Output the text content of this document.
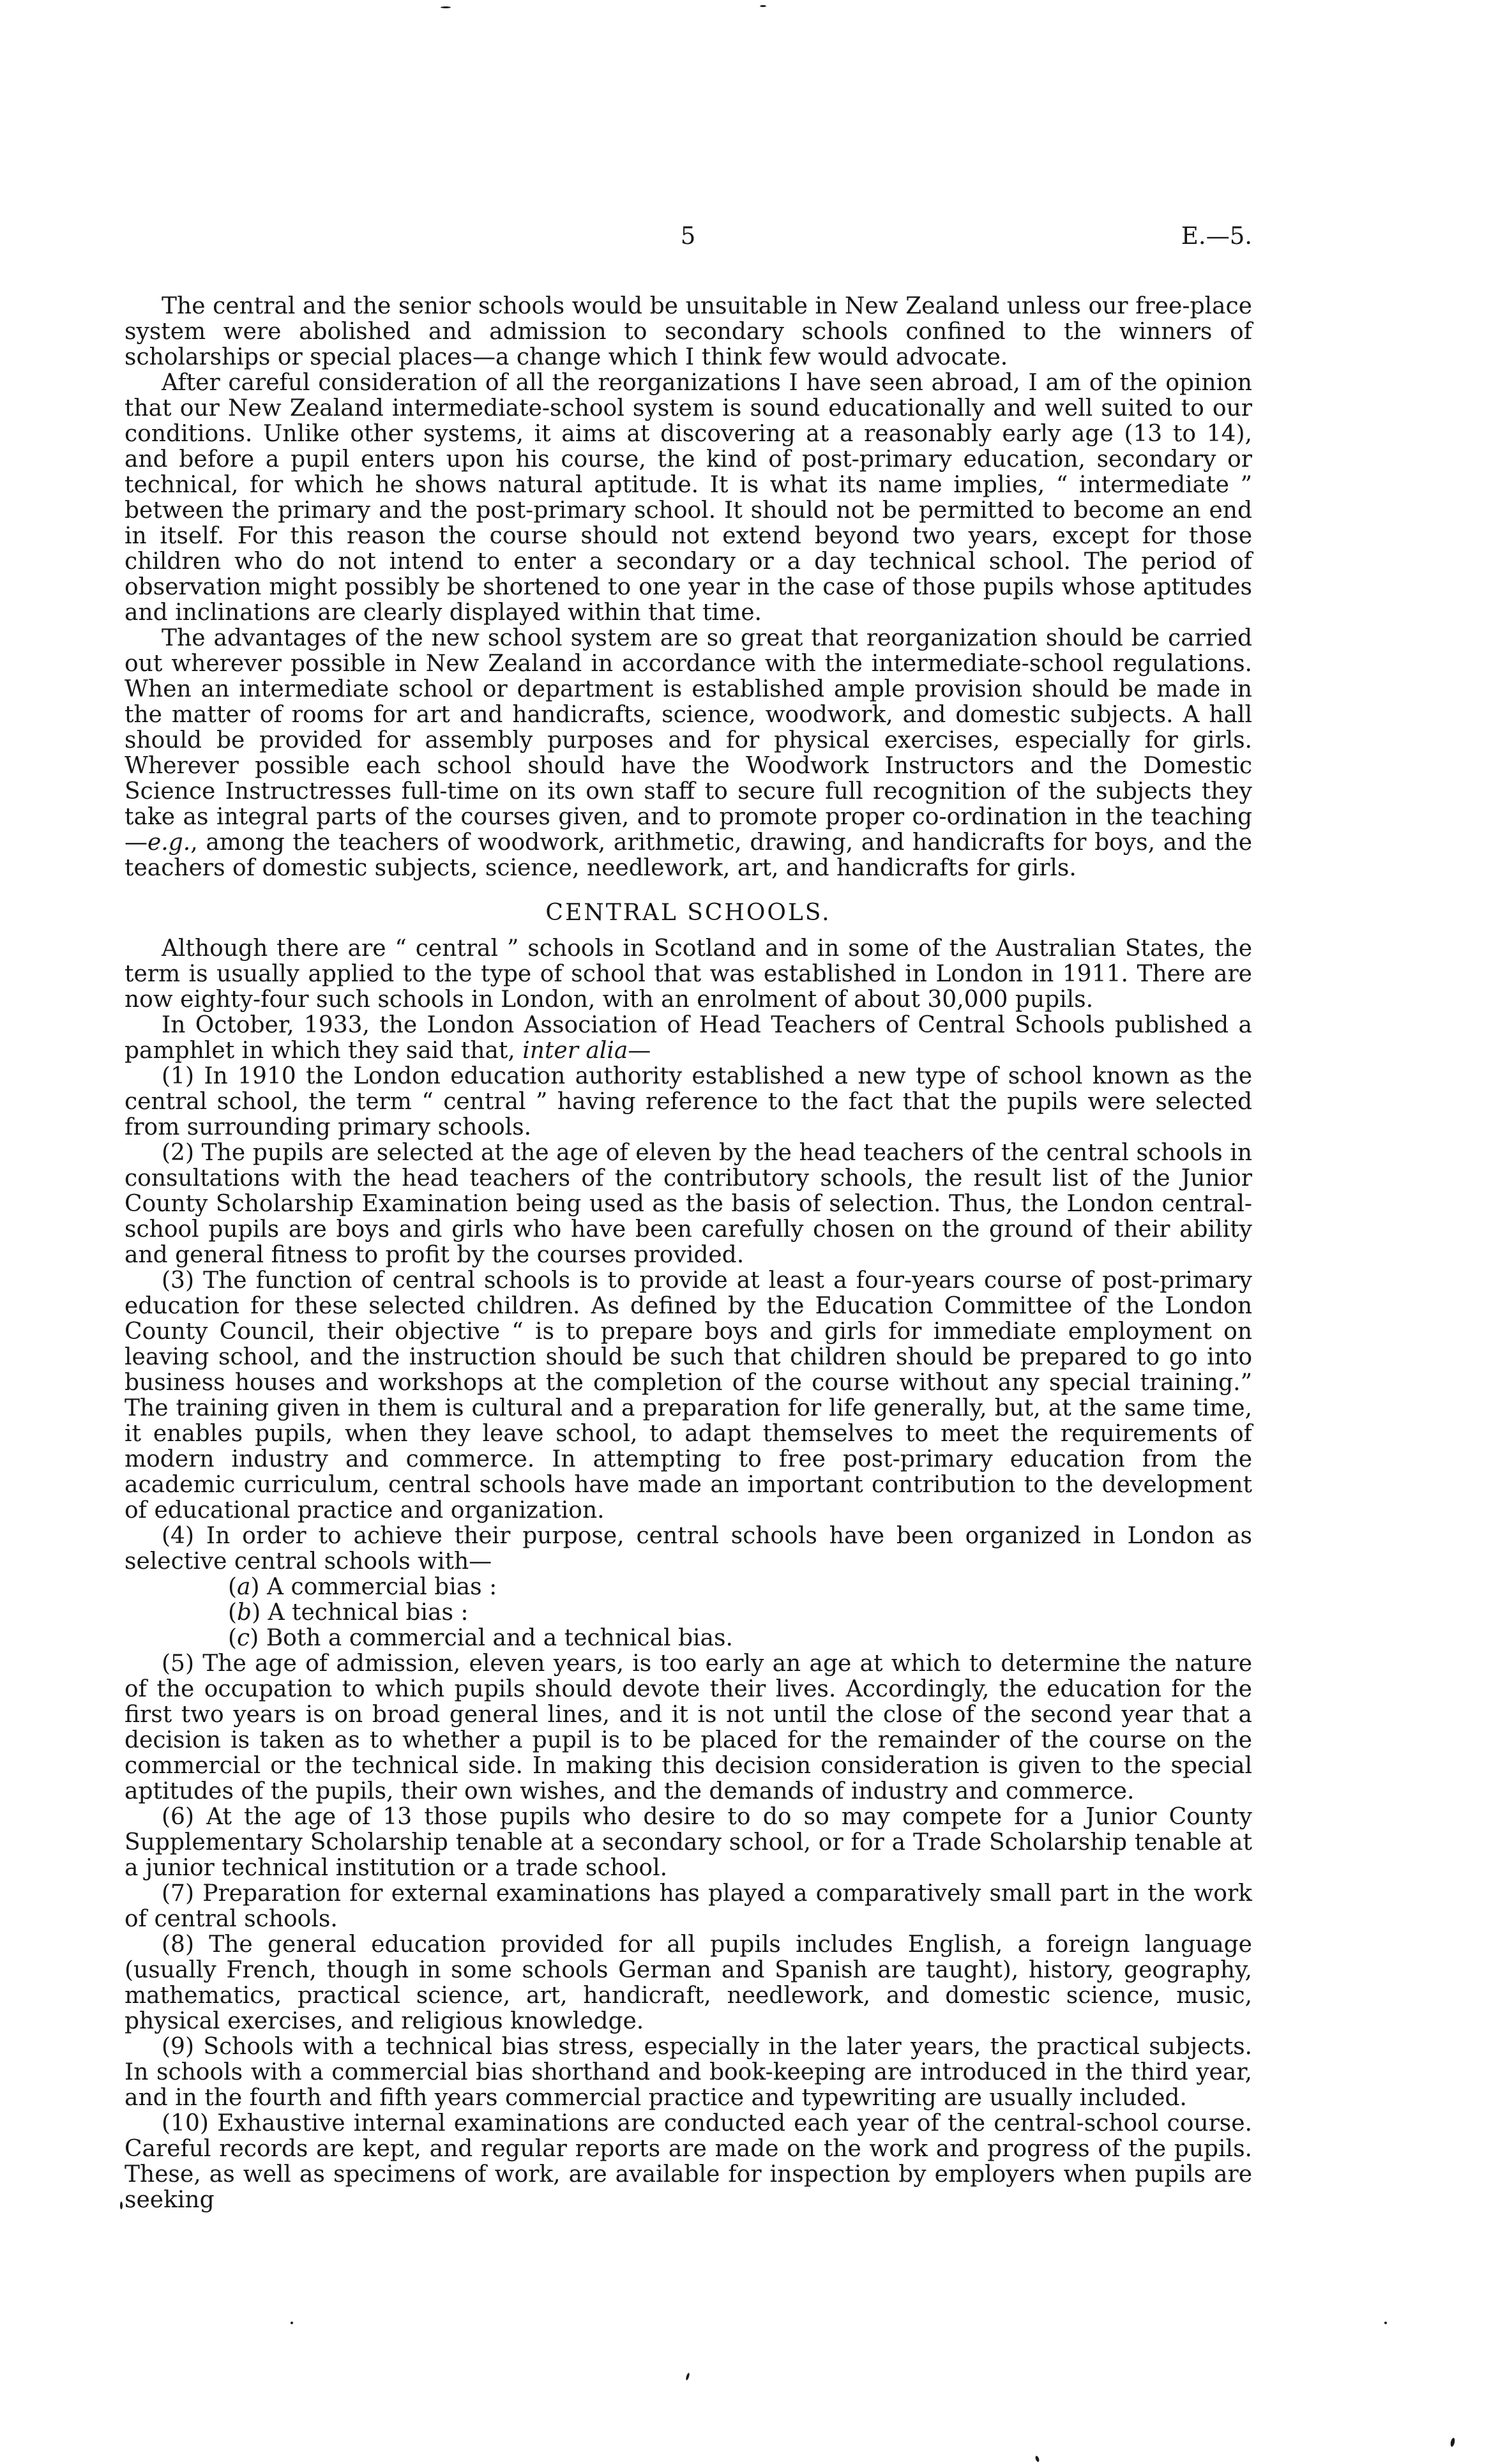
5	E.—5.

The central and the senior schools would be unsuitable in New Zealand unless our free-place system were abolished and admission to secondary schools confined to the winners of scholarships or special places—a change which I think few would advocate.

After careful consideration of all the reorganizations I have seen abroad, I am of the opinion that our New Zealand intermediate-school system is sound educationally and well suited to our conditions. Unlike other systems, it aims at discovering at a reasonably early age (13 to 14), and before a pupil enters upon his course, the kind of post-primary education, secondary or technical, for which he shows natural aptitude. It is what its name implies, “ intermediate ” between the primary and the post-primary school. It should not be permitted to become an end in itself. For this reason the course should not extend beyond two years, except for those children who do not intend to enter a secondary or a day technical school. The period of observation might possibly be shortened to one year in the case of those pupils whose aptitudes and inclinations are clearly displayed within that time.

The advantages of the new school system are so great that reorganization should be carried out wherever possible in New Zealand in accordance with the intermediate-school regulations. When an intermediate school or department is established ample provision should be made in the matter of rooms for art and handicrafts, science, woodwork, and domestic subjects. A hall should be provided for assembly purposes and for physical exercises, especially for girls. Wherever possible each school should have the Woodwork Instructors and the Domestic Science Instructresses full-time on its own staff to secure full recognition of the subjects they take as integral parts of the courses given, and to promote proper co-ordination in the teaching—e.g., among the teachers of woodwork, arithmetic, drawing, and handicrafts for boys, and the teachers of domestic subjects, science, needlework, art, and handicrafts for girls.

CENTRAL SCHOOLS.

Although there are “ central ” schools in Scotland and in some of the Australian States, the term is usually applied to the type of school that was established in London in 1911. There are now eighty-four such schools in London, with an enrolment of about 30,000 pupils.

In October, 1933, the London Association of Head Teachers of Central Schools published a pamphlet in which they said that, inter alia—

(1) In 1910 the London education authority established a new type of school known as the central school, the term “ central ” having reference to the fact that the pupils were selected from surrounding primary schools.

(2) The pupils are selected at the age of eleven by the head teachers of the central schools in consultations with the head teachers of the contributory schools, the result list of the Junior County Scholarship Examination being used as the basis of selection. Thus, the London central-school pupils are boys and girls who have been carefully chosen on the ground of their ability and general fitness to profit by the courses provided.

(3) The function of central schools is to provide at least a four-years course of post-primary education for these selected children. As defined by the Education Committee of the London County Council, their objective “ is to prepare boys and girls for immediate employment on leaving school, and the instruction should be such that children should be prepared to go into business houses and workshops at the completion of the course without any special training.” The training given in them is cultural and a preparation for life generally, but, at the same time, it enables pupils, when they leave school, to adapt themselves to meet the requirements of modern industry and commerce. In attempting to free post-primary education from the academic curriculum, central schools have made an important contribution to the development of educational practice and organization.

(4) In order to achieve their purpose, central schools have been organized in London as selective central schools with—

(a) A commercial bias :

(b) A technical bias :

(c) Both a commercial and a technical bias.

(5) The age of admission, eleven years, is too early an age at which to determine the nature of the occupation to which pupils should devote their lives. Accordingly, the education for the first two years is on broad general lines, and it is not until the close of the second year that a decision is taken as to whether a pupil is to be placed for the remainder of the course on the commercial or the technical side. In making this decision consideration is given to the special aptitudes of the pupils, their own wishes, and the demands of industry and commerce.

(6) At the age of 13 those pupils who desire to do so may compete for a Junior County Supplementary Scholarship tenable at a secondary school, or for a Trade Scholarship tenable at a junior technical institution or a trade school.

(7) Preparation for external examinations has played a comparatively small part in the work of central schools.

(8) The general education provided for all pupils includes English, a foreign language (usually French, though in some schools German and Spanish are taught), history, geography, mathematics, practical science, art, handicraft, needlework, and domestic science, music, physical exercises, and religious knowledge.

(9) Schools with a technical bias stress, especially in the later years, the practical subjects. In schools with a commercial bias shorthand and book-keeping are introduced in the third year, and in the fourth and fifth years commercial practice and typewriting are usually included.

(10) Exhaustive internal examinations are conducted each year of the central-school course. Careful records are kept, and regular reports are made on the work and progress of the pupils. These, as well as specimens of work, are available for inspection by employers when pupils are seeking
